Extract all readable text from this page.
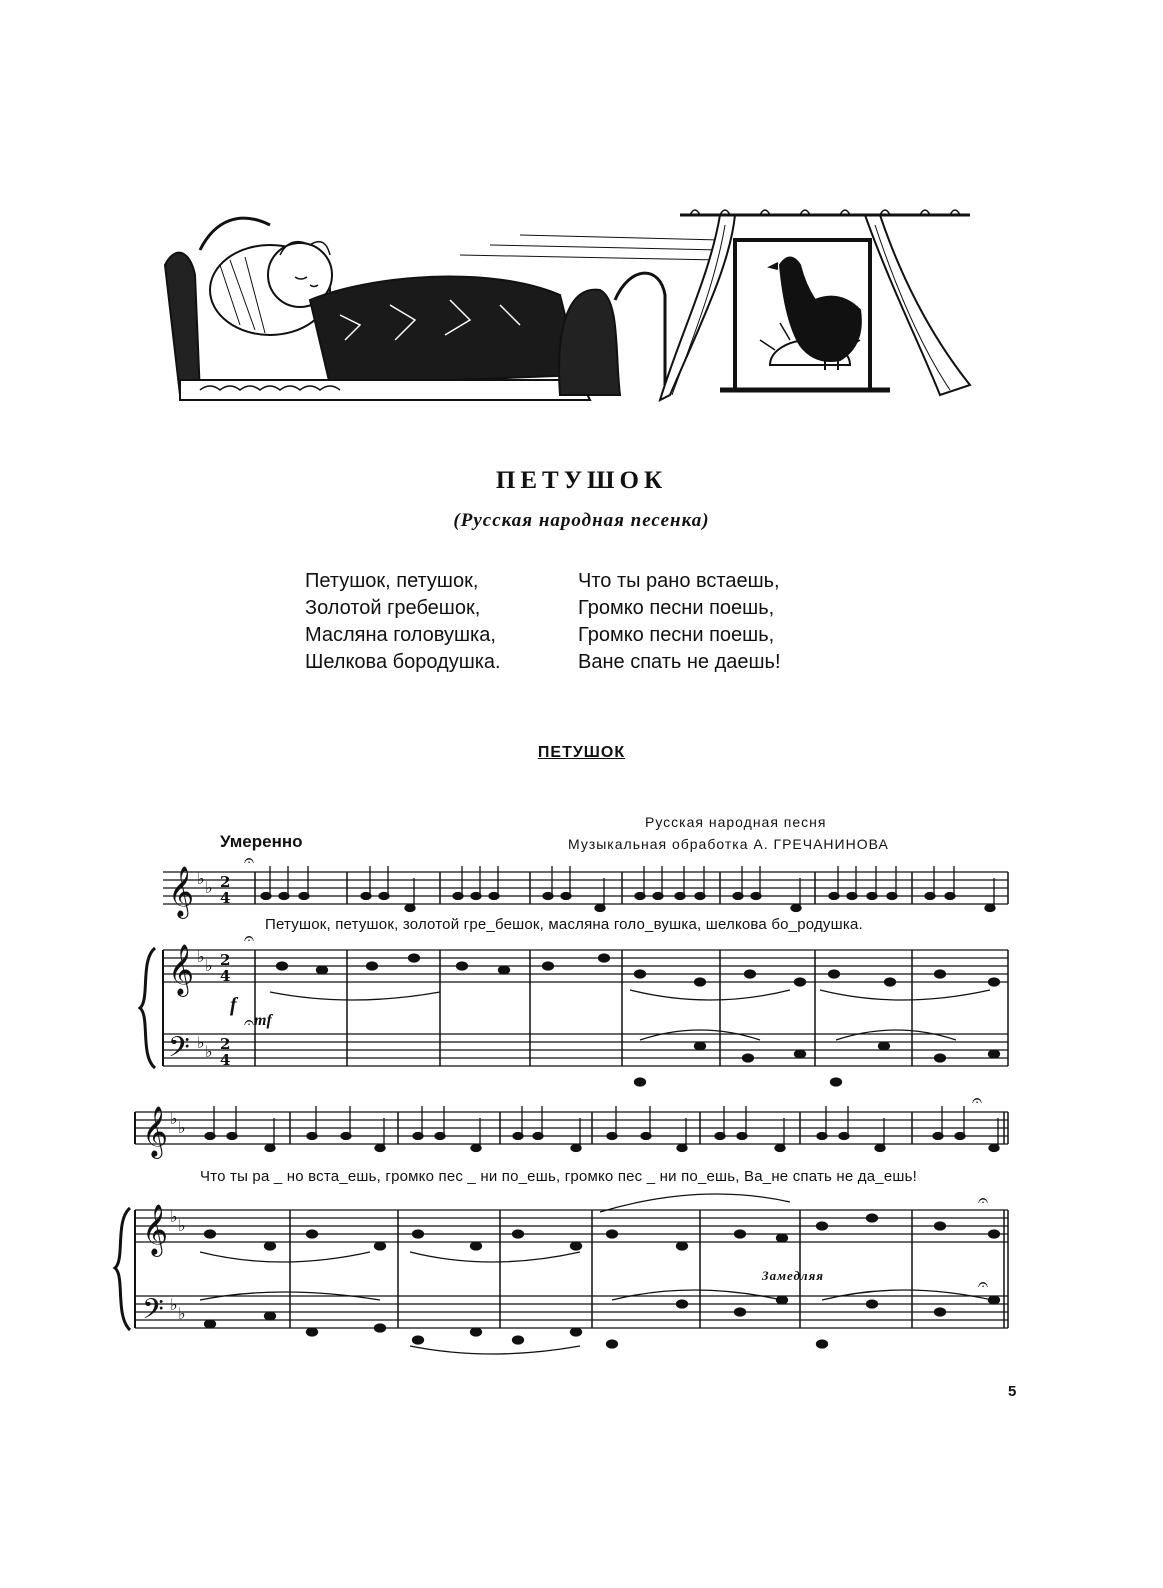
ПЕТУШОК
(Русская народная песенка)
Петушок, петушок,
Золотой гребешок,
Масляна головушка,
Шелкова бородушка.
Что ты рано встаешь,
Громко песни поешь,
Громко песни поешь,
Ване спать не даешь!
ПЕТУШОК
Русская народная песня
Музыкальная обработка А. ГРЕЧАНИНОВА
Умеренно
𝄞
𝄞
𝄢
♭ ♭
♭ ♭
♭ ♭
2
4
2
4
2
4
𝄐
𝄐
𝄐
𝄞
𝄞
𝄢
♭ ♭
♭ ♭
♭ ♭
𝄐
𝄐
𝄐
Петушок, петушок, золотой гре_бешок, масляна голо_вушка, шелкова бо_родушка.
Что ты ра _ но вста_ешь, громко пес _ ни по_ешь, громко пес _ ни по_ешь, Ва_не спать не да_ешь!
f
mf
Замедляя
5
